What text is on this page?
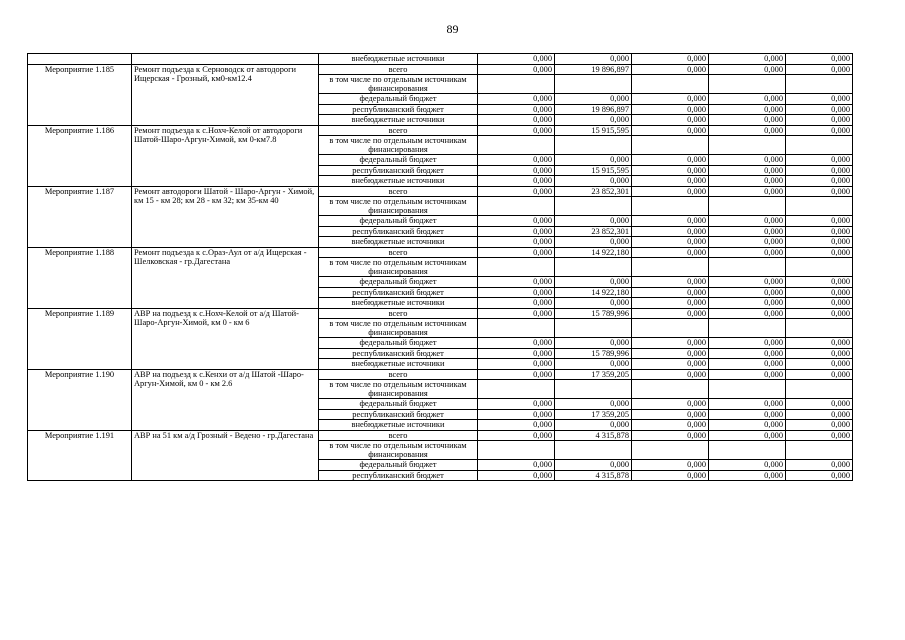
89
		внебюджетные источники	0,000	0,000	0,000	0,000	0,000
Мероприятие 1.185	Ремонт подъезда к Серноводск от автодороги Ищерская - Грозный, км0-км12.4	всего	0,000	19 896,897	0,000	0,000	0,000
		в том числе по отдельным источникам финансирования					
		федеральный бюджет	0,000	0,000	0,000	0,000	0,000
		республиканский бюджет	0,000	19 896,897	0,000	0,000	0,000
		внебюджетные источники	0,000	0,000	0,000	0,000	0,000
Мероприятие 1.186	Ремонт подъезда к с.Нохч-Келой от автодороги Шатой-Шаро-Аргун-Химой, км 0-км7.8	всего	0,000	15 915,595	0,000	0,000	0,000
		в том числе по отдельным источникам финансирования					
		федеральный бюджет	0,000	0,000	0,000	0,000	0,000
		республиканский бюджет	0,000	15 915,595	0,000	0,000	0,000
		внебюджетные источники	0,000	0,000	0,000	0,000	0,000
Мероприятие 1.187	Ремонт автодороги Шатой - Шаро-Аргун - Химой, км 15 - км 28; км 28 - км 32; км 35-км 40	всего	0,000	23 852,301	0,000	0,000	0,000
		в том числе по отдельным источникам финансирования					
		федеральный бюджет	0,000	0,000	0,000	0,000	0,000
		республиканский бюджет	0,000	23 852,301	0,000	0,000	0,000
		внебюджетные источники	0,000	0,000	0,000	0,000	0,000
Мероприятие 1.188	Ремонт подъезда к с.Ораз-Аул от а/д Ищерская - Шелковская - гр.Дагестана	всего	0,000	14 922,180	0,000	0,000	0,000
		в том числе по отдельным источникам финансирования					
		федеральный бюджет	0,000	0,000	0,000	0,000	0,000
		республиканский бюджет	0,000	14 922,180	0,000	0,000	0,000
		внебюджетные источники	0,000	0,000	0,000	0,000	0,000
Мероприятие 1.189	АВР на подъезд к с.Нохч-Келой от а/д Шатой-Шаро-Аргун-Химой, км 0 - км 6	всего	0,000	15 789,996	0,000	0,000	0,000
		в том числе по отдельным источникам финансирования					
		федеральный бюджет	0,000	0,000	0,000	0,000	0,000
		республиканский бюджет	0,000	15 789,996	0,000	0,000	0,000
		внебюджетные источники	0,000	0,000	0,000	0,000	0,000
Мероприятие 1.190	АВР на подъезд к с.Кенхи от а/д Шатой -Шаро-Аргун-Химой, км 0 - км 2.6	всего	0,000	17 359,205	0,000	0,000	0,000
		в том числе по отдельным источникам финансирования					
		федеральный бюджет	0,000	0,000	0,000	0,000	0,000
		республиканский бюджет	0,000	17 359,205	0,000	0,000	0,000
		внебюджетные источники	0,000	0,000	0,000	0,000	0,000
Мероприятие 1.191	АВР на 51 км а/д Грозный - Ведено - гр.Дагестана	всего	0,000	4 315,878	0,000	0,000	0,000
		в том числе по отдельным источникам финансирования					
		федеральный бюджет	0,000	0,000	0,000	0,000	0,000
		республиканский бюджет	0,000	4 315,878	0,000	0,000	0,000
